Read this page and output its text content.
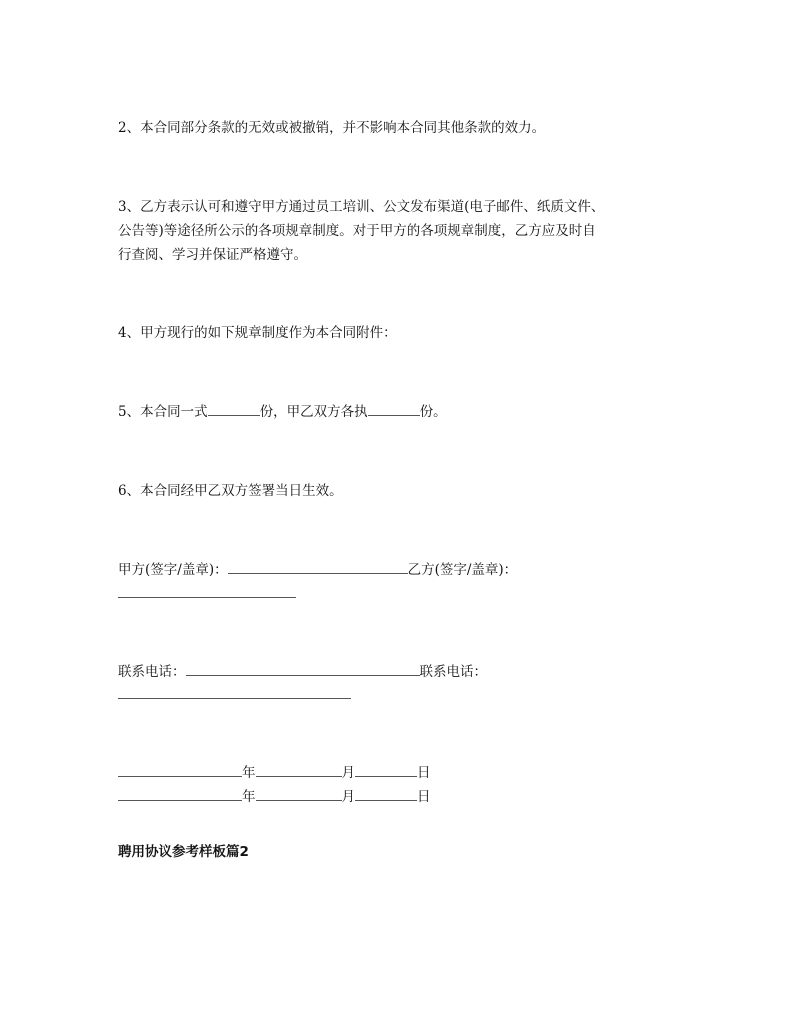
2、本合同部分条款的无效或被撤销，并不影响本合同其他条款的效力。
3、乙方表示认可和遵守甲方通过员工培训、公文发布渠道(电子邮件、纸质文件、
公告等)等途径所公示的各项规章制度。对于甲方的各项规章制度，乙方应及时自
行查阅、学习并保证严格遵守。
4、甲方现行的如下规章制度作为本合同附件：
5、本合同一式	份，甲乙双方各执	份。
6、本合同经甲乙双方签署当日生效。
甲方(签字/盖章)：	乙方(签字/盖章)：
联系电话：	联系电话：
年	月	日
年	月	日
聘用协议参考样板篇2
